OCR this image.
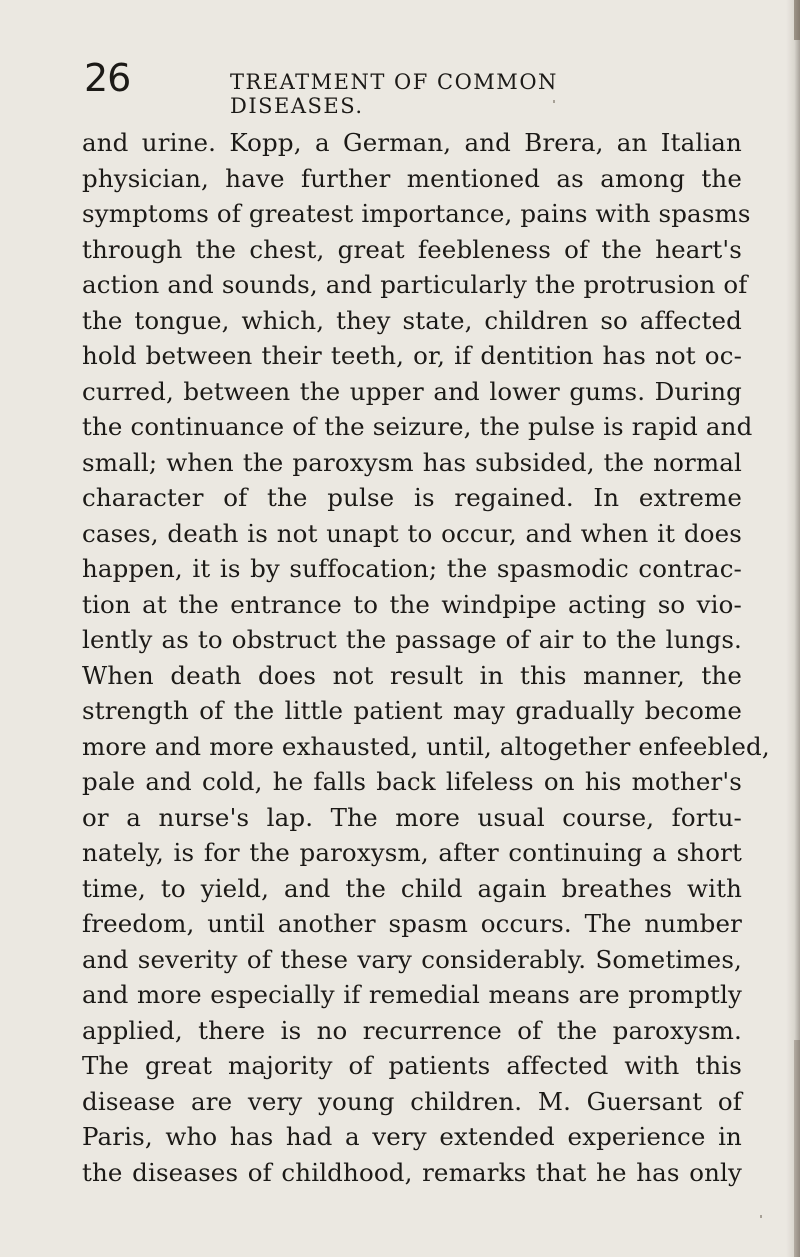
26	TREATMENT OF COMMON DISEASES.
and urine. Kopp, a German, and Brera, an Italian
physician, have further mentioned as among the
symptoms of greatest importance, pains with spasms
through the chest, great feebleness of the heart's
action and sounds, and particularly the protrusion of
the tongue, which, they state, children so affected
hold between their teeth, or, if dentition has not oc-
curred, between the upper and lower gums. During
the continuance of the seizure, the pulse is rapid and
small; when the paroxysm has subsided, the normal
character of the pulse is regained. In extreme
cases, death is not unapt to occur, and when it does
happen, it is by suffocation; the spasmodic contrac-
tion at the entrance to the windpipe acting so vio-
lently as to obstruct the passage of air to the lungs.
When death does not result in this manner, the
strength of the little patient may gradually become
more and more exhausted, until, altogether enfeebled,
pale and cold, he falls back lifeless on his mother's
or a nurse's lap. The more usual course, fortu-
nately, is for the paroxysm, after continuing a short
time, to yield, and the child again breathes with
freedom, until another spasm occurs. The number
and severity of these vary considerably. Sometimes,
and more especially if remedial means are promptly
applied, there is no recurrence of the paroxysm.
The great majority of patients affected with this
disease are very young children. M. Guersant of
Paris, who has had a very extended experience in
the diseases of childhood, remarks that he has only
